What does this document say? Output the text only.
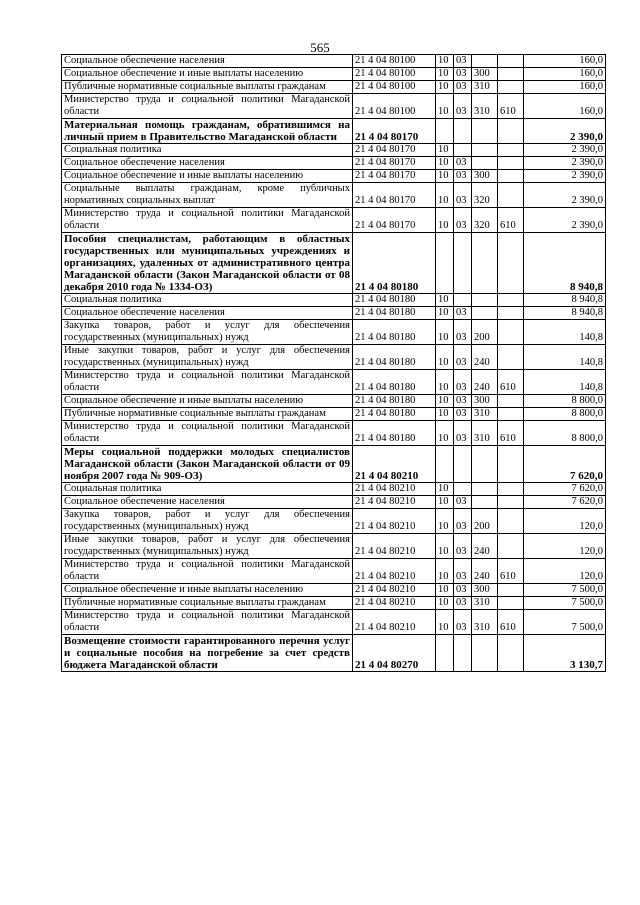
565
Социальное обеспечение населения	21 4 04 80100	10	03			160,0
Социальное обеспечение и иные выплаты населению	21 4 04 80100	10	03	300		160,0
Публичные нормативные социальные выплаты гражданам	21 4 04 80100	10	03	310		160,0
Министерство труда и социальной политики Магаданской области	21 4 04 80100	10	03	310	610	160,0
Материальная помощь гражданам, обратившимся на личный прием в Правительство Магаданской области	21 4 04 80170					2 390,0
Социальная политика	21 4 04 80170	10				2 390,0
Социальное обеспечение населения	21 4 04 80170	10	03			2 390,0
Социальное обеспечение и иные выплаты населению	21 4 04 80170	10	03	300		2 390,0
Социальные выплаты гражданам, кроме публичных нормативных социальных выплат	21 4 04 80170	10	03	320		2 390,0
Министерство труда и социальной политики Магаданской области	21 4 04 80170	10	03	320	610	2 390,0
Пособия специалистам, работающим в областных государственных или муниципальных учреждениях и организациях, удаленных от административного центра Магаданской области (Закон Магаданской области от 08 декабря 2010 года № 1334-ОЗ)	21 4 04 80180					8 940,8
Социальная политика	21 4 04 80180	10				8 940,8
Социальное обеспечение населения	21 4 04 80180	10	03			8 940,8
Закупка товаров, работ и услуг для обеспечения государственных (муниципальных) нужд	21 4 04 80180	10	03	200		140,8
Иные закупки товаров, работ и услуг для обеспечения государственных (муниципальных) нужд	21 4 04 80180	10	03	240		140,8
Министерство труда и социальной политики Магаданской области	21 4 04 80180	10	03	240	610	140,8
Социальное обеспечение и иные выплаты населению	21 4 04 80180	10	03	300		8 800,0
Публичные нормативные социальные выплаты гражданам	21 4 04 80180	10	03	310		8 800,0
Министерство труда и социальной политики Магаданской области	21 4 04 80180	10	03	310	610	8 800,0
Меры социальной поддержки молодых специалистов Магаданской области (Закон Магаданской области от 09 ноября 2007 года № 909-ОЗ)	21 4 04 80210					7 620,0
Социальная политика	21 4 04 80210	10				7 620,0
Социальное обеспечение населения	21 4 04 80210	10	03			7 620,0
Закупка товаров, работ и услуг для обеспечения государственных (муниципальных) нужд	21 4 04 80210	10	03	200		120,0
Иные закупки товаров, работ и услуг для обеспечения государственных (муниципальных) нужд	21 4 04 80210	10	03	240		120,0
Министерство труда и социальной политики Магаданской области	21 4 04 80210	10	03	240	610	120,0
Социальное обеспечение и иные выплаты населению	21 4 04 80210	10	03	300		7 500,0
Публичные нормативные социальные выплаты гражданам	21 4 04 80210	10	03	310		7 500,0
Министерство труда и социальной политики Магаданской области	21 4 04 80210	10	03	310	610	7 500,0
Возмещение стоимости гарантированного перечня услуг и социальные пособия на погребение за счет средств бюджета Магаданской области	21 4 04 80270					3 130,7
